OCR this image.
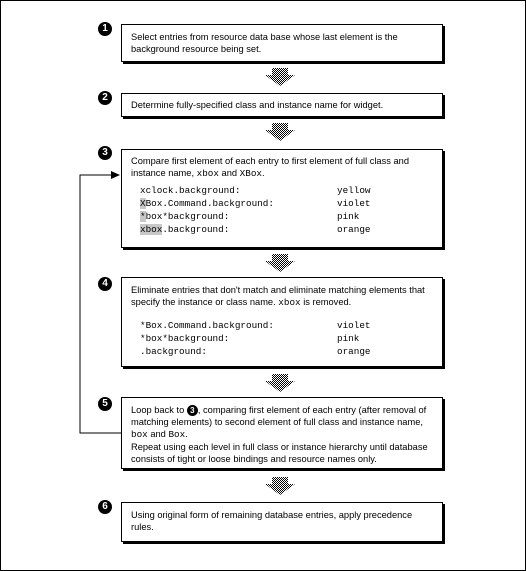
1

Select entries from resource data base whose last element is the background resource being set.

2

Determine fully-specified class and instance name for widget.

3

Compare first element of each entry to first element of full class and instance name, xbox and XBox.

xclock.background:	yellow
XBox.Command.background:	violet
*box*background:	pink
xbox.background:	orange
4

Eliminate entries that don't match and eliminate matching elements that specify the instance or class name. xbox is removed.

*Box.Command.background:	violet
*box*background:	pink
.background:	orange
5

Loop back to 3 , comparing first element of each entry (after removal of matching elements) to second element of full class and instance name, box and Box.
Repeat using each level in full class or instance hierarchy until database consists of tight or loose bindings and resource names only.

6

Using original form of remaining database entries, apply precedence rules.
